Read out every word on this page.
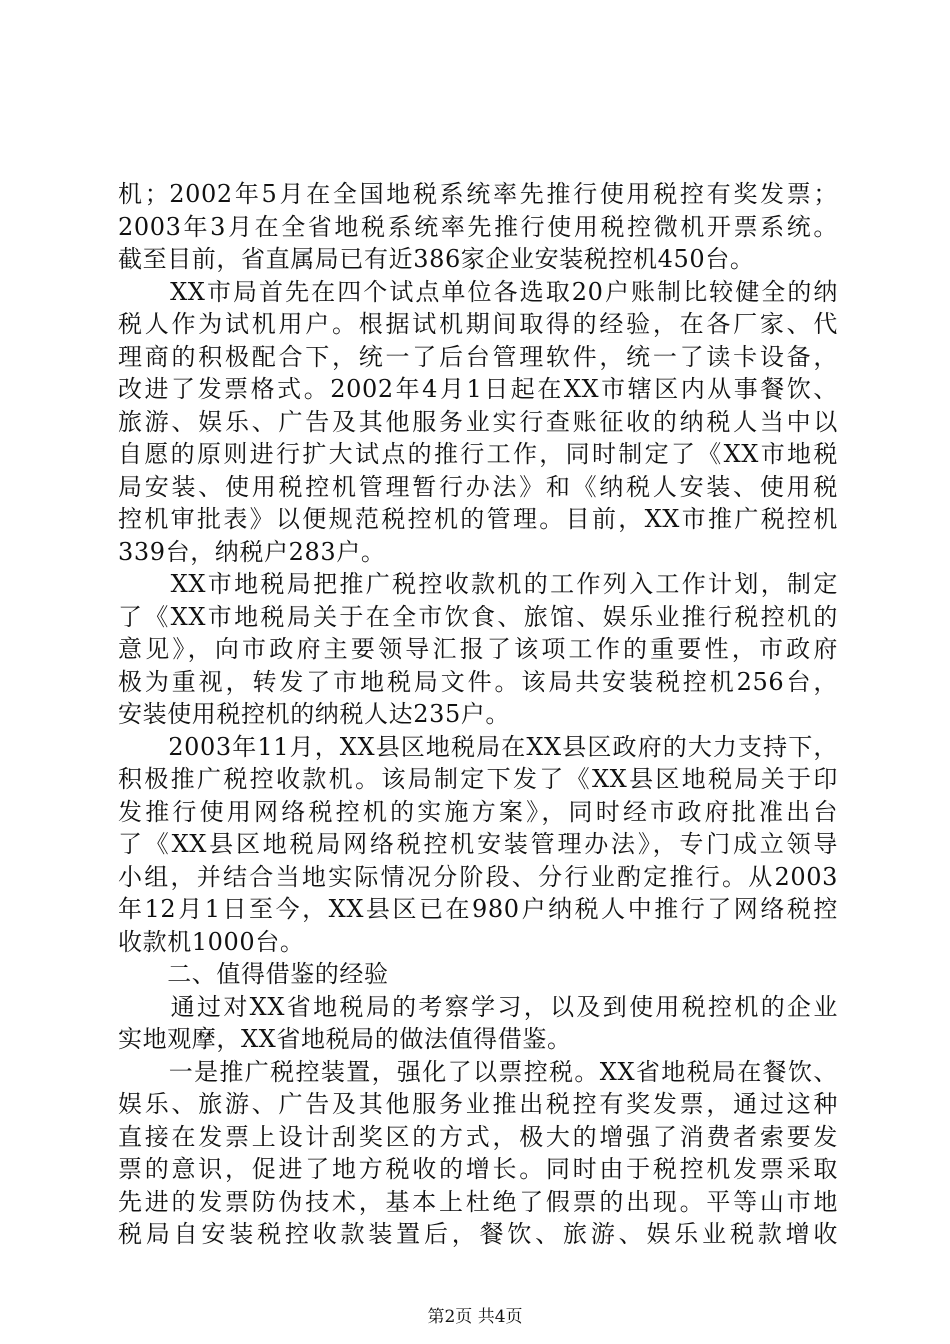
机；2002年5月在全国地税系统率先推行使用税控有奖发票；
2003年3月在全省地税系统率先推行使用税控微机开票系统。
截至目前，省直属局已有近386家企业安装税控机450台。
　　XX市局首先在四个试点单位各选取20户账制比较健全的纳
税人作为试机用户。根据试机期间取得的经验，在各厂家、代
理商的积极配合下，统一了后台管理软件，统一了读卡设备，
改进了发票格式。2002年4月1日起在XX市辖区内从事餐饮、
旅游、娱乐、广告及其他服务业实行查账征收的纳税人当中以
自愿的原则进行扩大试点的推行工作，同时制定了《XX市地税
局安装、使用税控机管理暂行办法》和《纳税人安装、使用税
控机审批表》以便规范税控机的管理。目前，XX市推广税控机
339台，纳税户283户。
　　XX市地税局把推广税控收款机的工作列入工作计划，制定
了《XX市地税局关于在全市饮食、旅馆、娱乐业推行税控机的
意见》，向市政府主要领导汇报了该项工作的重要性，市政府
极为重视，转发了市地税局文件。该局共安装税控机256台，
安装使用税控机的纳税人达235户。
　　2003年11月，XX县区地税局在XX县区政府的大力支持下，
积极推广税控收款机。该局制定下发了《XX县区地税局关于印
发推行使用网络税控机的实施方案》，同时经市政府批准出台
了《XX县区地税局网络税控机安装管理办法》，专门成立领导
小组，并结合当地实际情况分阶段、分行业酌定推行。从2003
年12月1日至今，XX县区已在980户纳税人中推行了网络税控
收款机1000台。
　　二、值得借鉴的经验
　　通过对XX省地税局的考察学习，以及到使用税控机的企业
实地观摩，XX省地税局的做法值得借鉴。
　　一是推广税控装置，强化了以票控税。XX省地税局在餐饮、
娱乐、旅游、广告及其他服务业推出税控有奖发票，通过这种
直接在发票上设计刮奖区的方式，极大的增强了消费者索要发
票的意识，促进了地方税收的增长。同时由于税控机发票采取
先进的发票防伪技术，基本上杜绝了假票的出现。平等山市地
税局自安装税控收款装置后，餐饮、旅游、娱乐业税款增收
第2页 共4页
